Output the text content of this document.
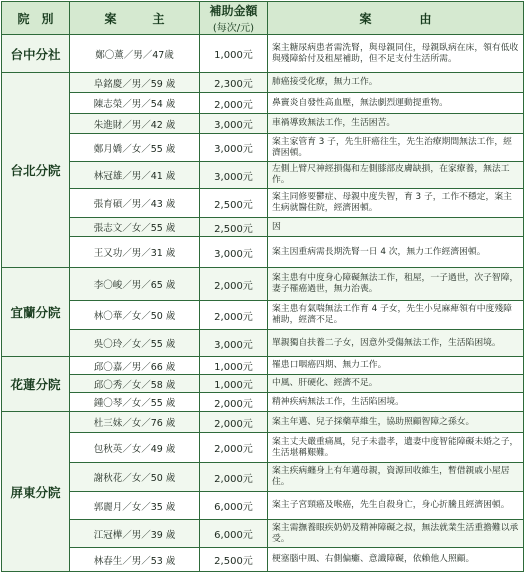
院　別	案　　　主	補助金額
(每次/元)	案　　　　由
台中分社	鄭〇薰／男／47歲	1,000元	案主糖尿病患者需洗腎，與母親同住，母親臥病在床，領有低收與殘障給付及租屋補助，但不足支付生活所需。
台北分院	阜銘慶／男／59 歲	2,300元	肺癌接受化療，無力工作。
	陳志榮／男／54 歲	2,000元	鼻竇炎自發性高血壓，無法劇烈運動提重物。
	朱進財／男／42 歲	3,000元	車禍導致無法工作，生活困苦。
	鄭月嬌／女／55 歲	3,000元	案主家管育 3 子，先生肝癌往生，先生治療期間無法工作，經濟困頓。
	林冠雄／男／41 歲	3,000元	左側上臂尺神經損傷和左側膝部皮膚缺損，在家療養，無法工作。
	張育碩／男／43 歲	2,500元	案主同修要鬱症、母親中度失智，育 3 子，工作不穩定，案主生病就醫住院，經濟困頓。
	張志文／女／55 歲	2,500元	因
	王又功／男／31 歲	3,000元	案主因重病需長期洗腎一日 4 次，無力工作經濟困頓。
宜蘭分院	李〇峻／男／65 歲	2,000元	案主患有中度身心障礙無法工作，租屋，一子過世，次子智障，妻子罹癌過世，無力治喪。
	林〇華／女／50 歲	2,000元	案主患有氣喘無法工作育 4 子女，先生小兒麻痺領有中度殘障補助，經濟不足。
	吳〇玲／女／55 歲	3,000元	單親獨自扶養二子女，因意外受傷無法工作，生活陷困境。
花蓮分院	邱〇嘉／男／66 歲	1,000元	罹患口咽癌四期、無力工作。
	邱〇秀／女／58 歲	1,000元	中風、肝硬化、經濟不足。
	鍾〇琴／女／55 歲	2,000元	精神疾病無法工作，生活陷困境。
屏東分院	杜三妹／女／76 歲	2,000元	案主年邁、兒子採藥草維生，協助照顧智障之孫女。
	包秋英／女／49 歲	2,000元	案主丈夫嚴重痛風，兒子未盡孝，遺妻中度智能障礙未婚之子，生活堪稱艱難。
	謝秋花／女／50 歲	2,000元	案主疾病纏身上有年邁母親，資源回收維生，暫借親戚小屋居住。
	郭麗月／女／35 歲	6,000元	案主子宮頸癌及喉癌，先生自殺身亡，身心折騰且經濟困頓。
	江冠樺／男／39 歲	6,000元	案主需撫養眼疾奶奶及精神障礙之叔，無法就業生活重擔難以承受。
	林春生／男／53 歲	2,500元	梗塞腦中風、右側偏癱、意識障礙，依賴他人照顧。
